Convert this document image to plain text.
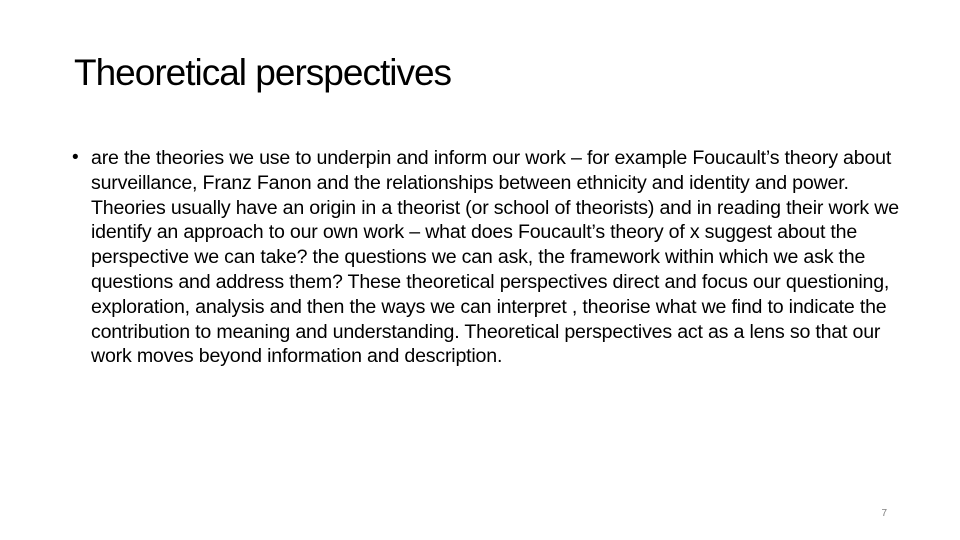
Theoretical perspectives
• are the theories we use to underpin and inform our work – for example Foucault’s theory about surveillance, Franz Fanon and the relationships between ethnicity and identity and power. Theories usually have an origin in a theorist (or school of theorists) and in reading their work we identify an approach to our own work – what does Foucault’s theory of x suggest about the perspective we can take? the questions we can ask, the framework within which we ask the questions and address them? These theoretical perspectives direct and focus our questioning, exploration, analysis and then the ways we can interpret , theorise what we find to indicate the contribution to meaning and understanding. Theoretical perspectives act as a lens so that our work moves beyond information and description.
7
